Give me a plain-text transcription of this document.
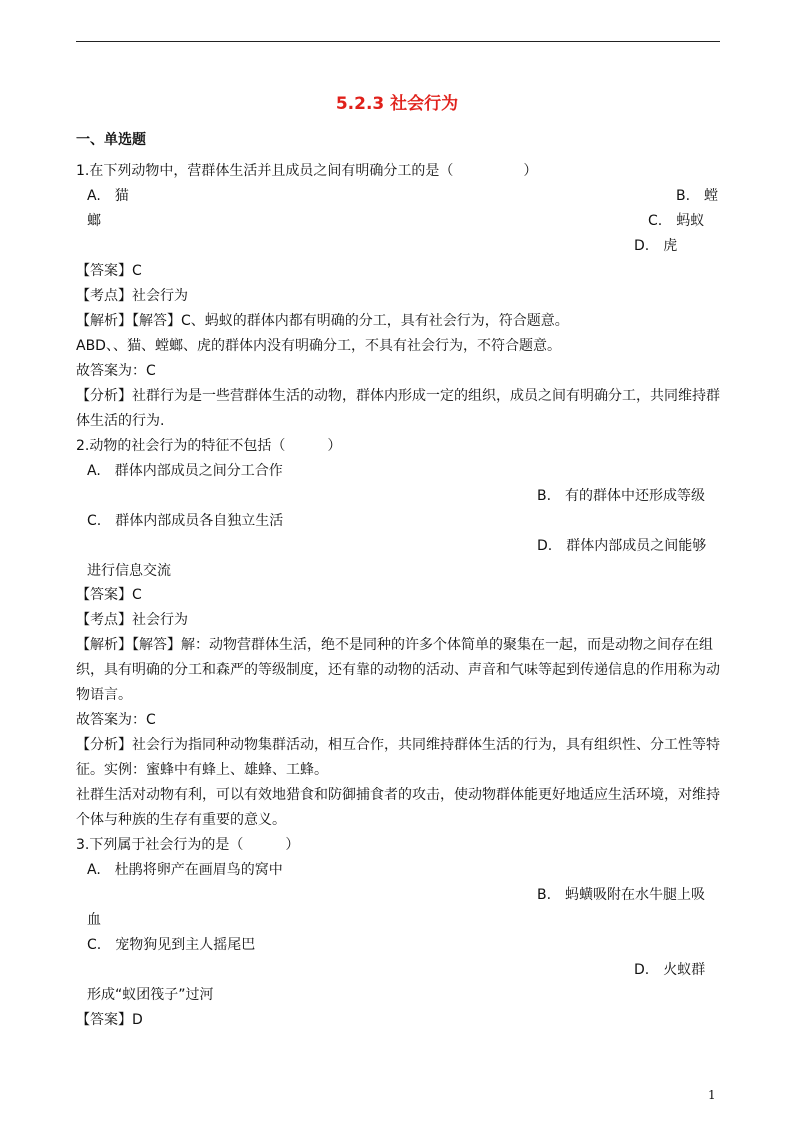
5.2.3 社会行为
一、单选题
1.在下列动物中，营群体生活并且成员之间有明确分工的是（　　　　　）
A.　猫	B.　螳
螂	C.　蚂蚁
D.　虎
【答案】C
【考点】社会行为
【解析】【解答】C、蚂蚁的群体内都有明确的分工，具有社会行为，符合题意。
ABD、、猫、螳螂、虎的群体内没有明确分工，不具有社会行为，不符合题意。
故答案为：C
【分析】社群行为是一些营群体生活的动物，群体内形成一定的组织，成员之间有明确分工，共同维持群
体生活的行为.
2.动物的社会行为的特征不包括（　　　）
A.　群体内部成员之间分工合作
B.　有的群体中还形成等级
C.　群体内部成员各自独立生活
D.　群体内部成员之间能够
进行信息交流
【答案】C
【考点】社会行为
【解析】【解答】解：动物营群体生活，绝不是同种的许多个体简单的聚集在一起，而是动物之间存在组
织，具有明确的分工和森严的等级制度，还有靠的动物的活动、声音和气味等起到传递信息的作用称为动
物语言。
故答案为：C
【分析】社会行为指同种动物集群活动，相互合作，共同维持群体生活的行为，具有组织性、分工性等特
征。实例：蜜蜂中有蜂上、雄蜂、工蜂。
社群生活对动物有利，可以有效地猎食和防御捕食者的攻击，使动物群体能更好地适应生活环境，对维持
个体与种族的生存有重要的意义。
3.下列属于社会行为的是（　　　）
A.　杜鹃将卵产在画眉鸟的窝中
B.　蚂蟥吸附在水牛腿上吸
血
C.　宠物狗见到主人摇尾巴
D.　火蚁群
形成“蚁团筏子”过河
【答案】D
1
